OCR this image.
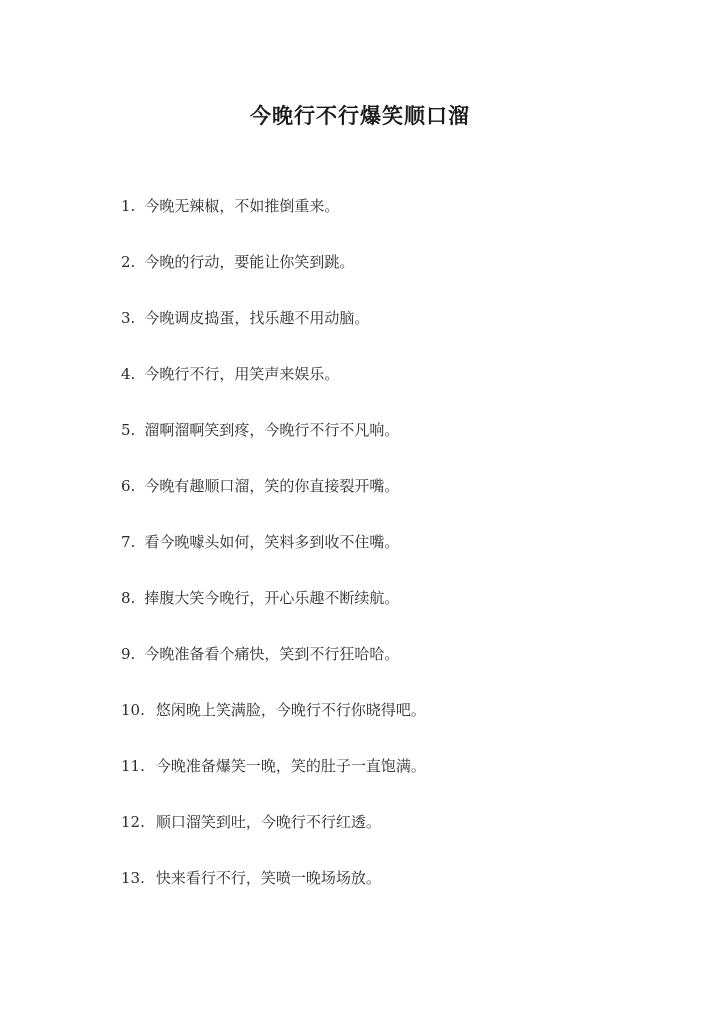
今晚行不行爆笑顺口溜
1. 今晚无辣椒，不如推倒重来。
2. 今晚的行动，要能让你笑到跳。
3. 今晚调皮捣蛋，找乐趣不用动脑。
4. 今晚行不行，用笑声来娱乐。
5. 溜啊溜啊笑到疼，今晚行不行不凡响。
6. 今晚有趣顺口溜，笑的你直接裂开嘴。
7. 看今晚噱头如何，笑料多到收不住嘴。
8. 捧腹大笑今晚行，开心乐趣不断续航。
9. 今晚准备看个痛快，笑到不行狂哈哈。
10. 悠闲晚上笑满脸，今晚行不行你晓得吧。
11. 今晚准备爆笑一晚，笑的肚子一直饱满。
12. 顺口溜笑到吐，今晚行不行红透。
13. 快来看行不行，笑喷一晚场场放。
